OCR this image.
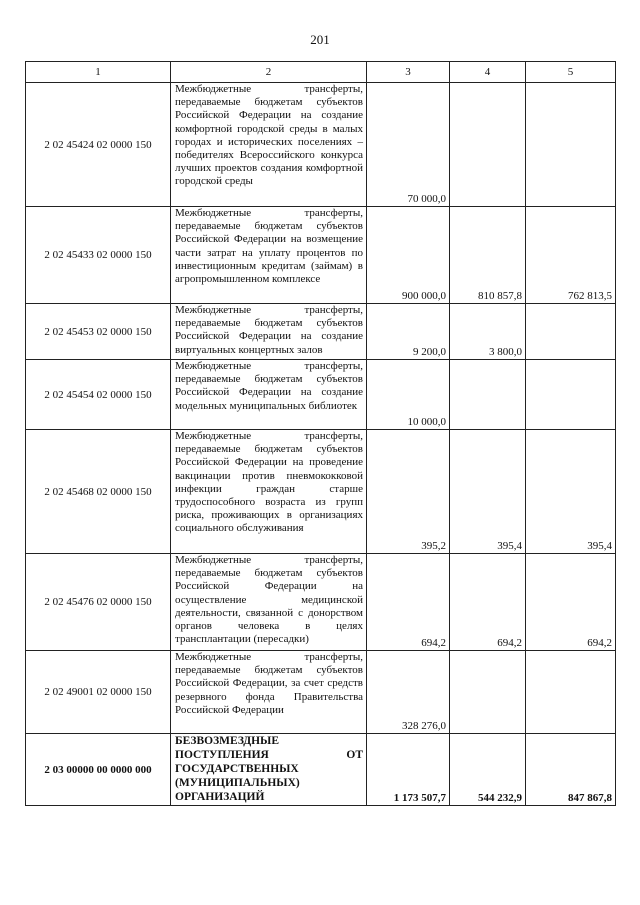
201
1	2	3	4	5
2 02 45424 02 0000 150	Межбюджетные трансферты, передаваемые бюджетам субъектов Российской Федерации на создание комфортной городской среды в малых городах и исторических поселениях – победителях Всероссийского конкурса лучших проектов создания комфортной городской среды	70 000,0		
2 02 45433 02 0000 150	Межбюджетные трансферты, передаваемые бюджетам субъектов Российской Федерации на возмещение части затрат на уплату процентов по инвестиционным кредитам (займам) в агропромышленном комплексе	900 000,0	810 857,8	762 813,5
2 02 45453 02 0000 150	Межбюджетные трансферты, передаваемые бюджетам субъектов Российской Федерации на создание виртуальных концертных залов	9 200,0	3 800,0	
2 02 45454 02 0000 150	Межбюджетные трансферты, передаваемые бюджетам субъектов Российской Федерации на создание модельных муниципальных библиотек	10 000,0		
2 02 45468 02 0000 150	Межбюджетные трансферты, передаваемые бюджетам субъектов Российской Федерации на проведение вакцинации против пневмококковой инфекции граждан старше трудоспособного возраста из групп риска, проживающих в организациях социального обслуживания	395,2	395,4	395,4
2 02 45476 02 0000 150	Межбюджетные трансферты, передаваемые бюджетам субъектов Российской Федерации на осуществление медицинской деятельности, связанной с донорством органов человека в целях трансплантации (пересадки)	694,2	694,2	694,2
2 02 49001 02 0000 150	Межбюджетные трансферты, передаваемые бюджетам субъектов Российской Федерации, за счет средств резервного фонда Правительства Российской Федерации	328 276,0		
2 03 00000 00 0000 000	БЕЗВОЗМЕЗДНЫЕ ПОСТУПЛЕНИЯ ОТ ГОСУДАРСТВЕННЫХ (МУНИЦИПАЛЬНЫХ) ОРГАНИЗАЦИЙ	1 173 507,7	544 232,9	847 867,8
